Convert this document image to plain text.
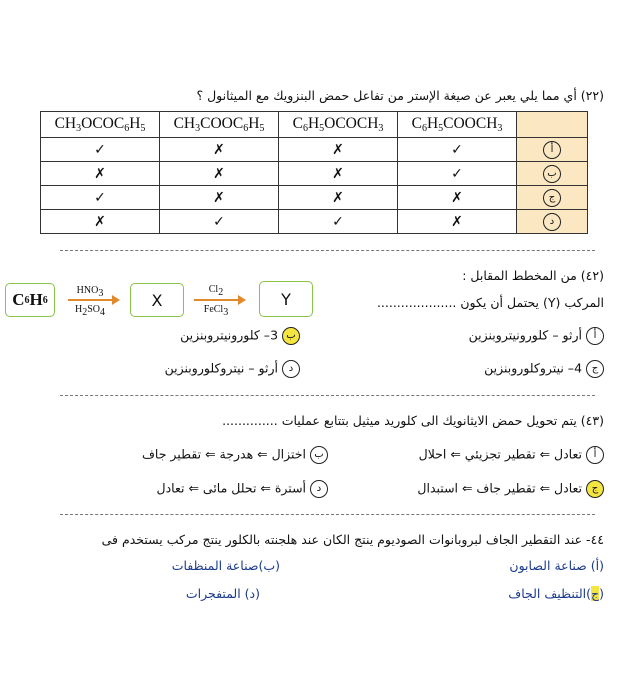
(٢٢) أي مما يلي يعبر عن صيغة الإستر من تفاعل حمض البنزويك مع الميثانول ؟
$CH_3OCOC_6H_5$	$CH_3COOC_6H_5$	$C_6H_5OCOCH_3$	$C_6H_5COOCH_3$	
✓	✗	✗	✓	أ
✗	✗	✗	✓	ب
✓	✗	✗	✗	ج
✗	✓	✓	✗	د
(٤٢) من المخطط المقابل :
المركب (Y) يحتمل أن يكون ....................
C 6 H 6
$HNO_3$
$H_2SO_4$
X
$Cl_2$
FeCl$_3$
Y
أ أرثو – كلورونيتروبنزين
ب 3– كلورونيتروبنزين
ج 4– نيتروكلوروبنزين
د أرثو – نيتروكلوروبنزين
(٤٣) يتم تحويل حمض الايثانويك الى كلوريد ميثيل بتتابع عمليات ..............
أ تعادل ⇐ تقطير تجزيئي ⇐ احلال
ب اختزال ⇐ هدرجة ⇐ تقطير جاف
ج تعادل ⇐ تقطير جاف ⇐ استبدال
د أسترة ⇐ تحلل مائى ⇐ تعادل
٤٤- عند التقطير الجاف لبروبانوات الصوديوم ينتج الكان عند هلجنته بالكلور ينتج مركب يستخدم فى
(أ) صناعة الصابون
(ب)صناعة المنظفات
(ج)التنظيف الجاف
(د) المتفجرات
